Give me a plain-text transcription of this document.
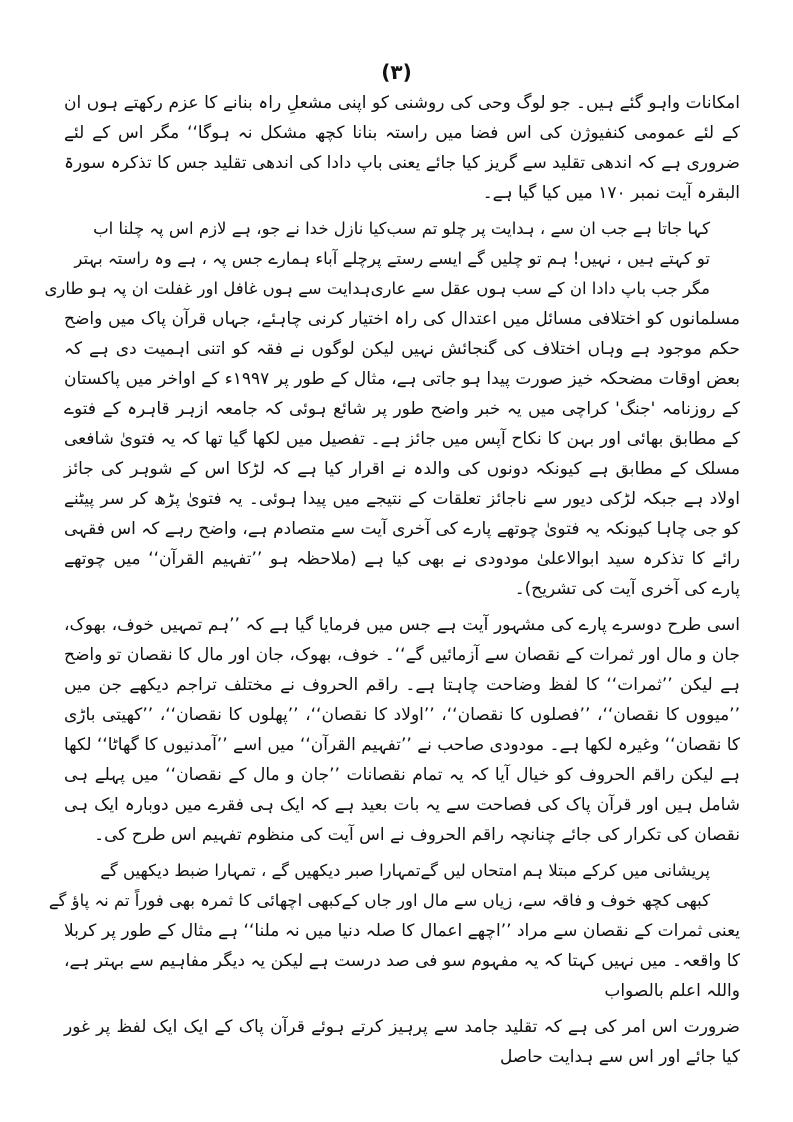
(۳)

امکانات واہو گئے ہیں۔ جو لوگ وحی کی روشنی کو اپنی مشعلِ راہ بنانے کا عزم رکھتے ہوں ان کے لئے عمومی کنفیوژن کی اس فضا میں راستہ بنانا کچھ مشکل نہ ہوگا‘‘ مگر اس کے لئے ضروری ہے کہ اندھی تقلید سے گریز کیا جائے یعنی باپ دادا کی اندھی تقلید جس کا تذکرہ سورۃ البقرہ آیت نمبر ۱۷۰ میں کیا گیا ہے۔

کہا جاتا ہے جب ان سے ، ہدایت پر چلو تم سب
کیا نازل خدا نے جو، ہے لازم اس پہ چلنا اب
تو کہتے ہیں ، نہیں! ہم تو چلیں گے ایسے رستے پر
چلے آباء ہمارے جس پہ ، ہے وہ راستہ بہتر
مگر جب باپ دادا ان کے سب ہوں عقل سے عاری
ہدایت سے ہوں غافل اور غفلت ان پہ ہو طاری

مسلمانوں کو اختلافی مسائل میں اعتدال کی راہ اختیار کرنی چاہئے، جہاں قرآن پاک میں واضح حکم موجود ہے وہاں اختلاف کی گنجائش نہیں لیکن لوگوں نے فقہ کو اتنی اہمیت دی ہے کہ بعض اوقات مضحکہ خیز صورت پیدا ہو جاتی ہے، مثال کے طور پر ۱۹۹۷ء کے اواخر میں پاکستان کے روزنامہ 'جنگ' کراچی میں یہ خبر واضح طور پر شائع ہوئی کہ جامعہ ازہر قاہرہ کے فتوے کے مطابق بھائی اور بہن کا نکاح آپس میں جائز ہے۔ تفصیل میں لکھا گیا تھا کہ یہ فتویٰ شافعی مسلک کے مطابق ہے کیونکہ دونوں کی والدہ نے اقرار کیا ہے کہ لڑکا اس کے شوہر کی جائز اولاد ہے جبکہ لڑکی دیور سے ناجائز تعلقات کے نتیجے میں پیدا ہوئی۔ یہ فتویٰ پڑھ کر سر پیٹنے کو جی چاہا کیونکہ یہ فتویٰ چوتھے پارے کی آخری آیت سے متصادم ہے، واضح رہے کہ اس فقہی رائے کا تذکرہ سید ابوالاعلیٰ مودودی نے بھی کیا ہے (ملاحظہ ہو ’’تفہیم القرآن‘‘ میں چوتھے پارے کی آخری آیت کی تشریح)۔

اسی طرح دوسرے پارے کی مشہور آیت ہے جس میں فرمایا گیا ہے کہ ’’ہم تمہیں خوف، بھوک، جان و مال اور ثمرات کے نقصان سے آزمائیں گے‘‘۔ خوف، بھوک، جان اور مال کا نقصان تو واضح ہے لیکن ’’ثمرات‘‘ کا لفظ وضاحت چاہتا ہے۔ راقم الحروف نے مختلف تراجم دیکھے جن میں ’’میووں کا نقصان‘‘، ’’فصلوں کا نقصان‘‘، ’’اولاد کا نقصان‘‘، ’’پھلوں کا نقصان‘‘، ’’کھیتی باڑی کا نقصان‘‘ وغیرہ لکھا ہے۔ مودودی صاحب نے ’’تفہیم القرآن‘‘ میں اسے ’’آمدنیوں کا گھاٹا‘‘ لکھا ہے لیکن راقم الحروف کو خیال آیا کہ یہ تمام نقصانات ’’جان و مال کے نقصان‘‘ میں پہلے ہی شامل ہیں اور قرآن پاک کی فصاحت سے یہ بات بعید ہے کہ ایک ہی فقرے میں دوبارہ ایک ہی نقصان کی تکرار کی جائے چنانچہ راقم الحروف نے اس آیت کی منظوم تفہیم اس طرح کی۔

پریشانی میں کرکے مبتلا ہم امتحاں لیں گے
تمہارا صبر دیکھیں گے ، تمہارا ضبط دیکھیں گے
کبھی کچھ خوف و فاقہ سے، زیاں سے مال اور جاں کے
کبھی اچھائی کا ثمرہ بھی فوراً تم نہ پاؤ گے

یعنی ثمرات کے نقصان سے مراد ’’اچھے اعمال کا صلہ دنیا میں نہ ملنا‘‘ ہے مثال کے طور پر کربلا کا واقعہ۔ میں نہیں کہتا کہ یہ مفہوم سو فی صد درست ہے لیکن یہ دیگر مفاہیم سے بہتر ہے، واللہ اعلم بالصواب

ضرورت اس امر کی ہے کہ تقلید جامد سے پرہیز کرتے ہوئے قرآن پاک کے ایک ایک لفظ پر غور کیا جائے اور اس سے ہدایت حاصل
